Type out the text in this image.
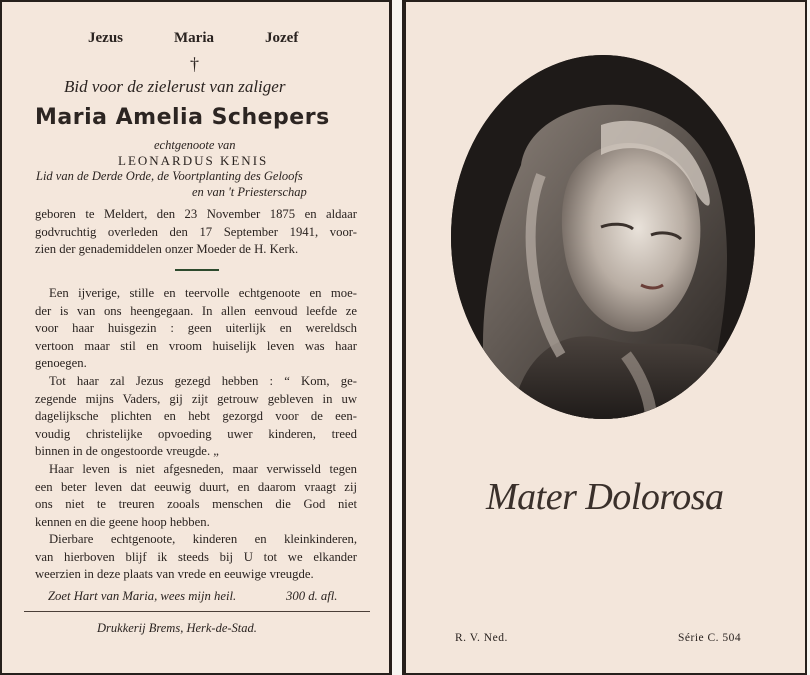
Jezus	Maria	Jozef
†
Bid voor de zielerust van zaliger
Maria Amelia Schepers
echtgenoote van
LEONARDUS KENIS
Lid van de Derde Orde, de Voortplanting des Geloofs
en van 't Priesterschap
geboren te Meldert, den 23 November 1875 en aldaar
godvruchtig overleden den 17 September 1941, voor-
zien der genademiddelen onzer Moeder de H. Kerk.
Een ijverige, stille en teervolle echtgenoote en moe-
der is van ons heengegaan. In allen eenvoud leefde ze
voor haar huisgezin : geen uiterlijk en wereldsch
vertoon maar stil en vroom huiselijk leven was haar
genoegen.
Tot haar zal Jezus gezegd hebben : “ Kom, ge-
zegende mijns Vaders, gij zijt getrouw gebleven in uw
dagelijksche plichten en hebt gezorgd voor de een-
voudig christelijke opvoeding uwer kinderen, treed
binnen in de ongestoorde vreugde. „
Haar leven is niet afgesneden, maar verwisseld tegen
een beter leven dat eeuwig duurt, en daarom vraagt zij
ons niet te treuren zooals menschen die God niet
kennen en die geene hoop hebben.
Dierbare echtgenoote, kinderen en kleinkinderen,
van hierboven blijf ik steeds bij U tot we elkander
weerzien in deze plaats van vrede en eeuwige vreugde.
Zoet Hart van Maria, wees mijn heil.	300 d. afl.
Drukkerij Brems, Herk-de-Stad.
Mater Dolorosa
R. V. Ned.	Série C. 504
